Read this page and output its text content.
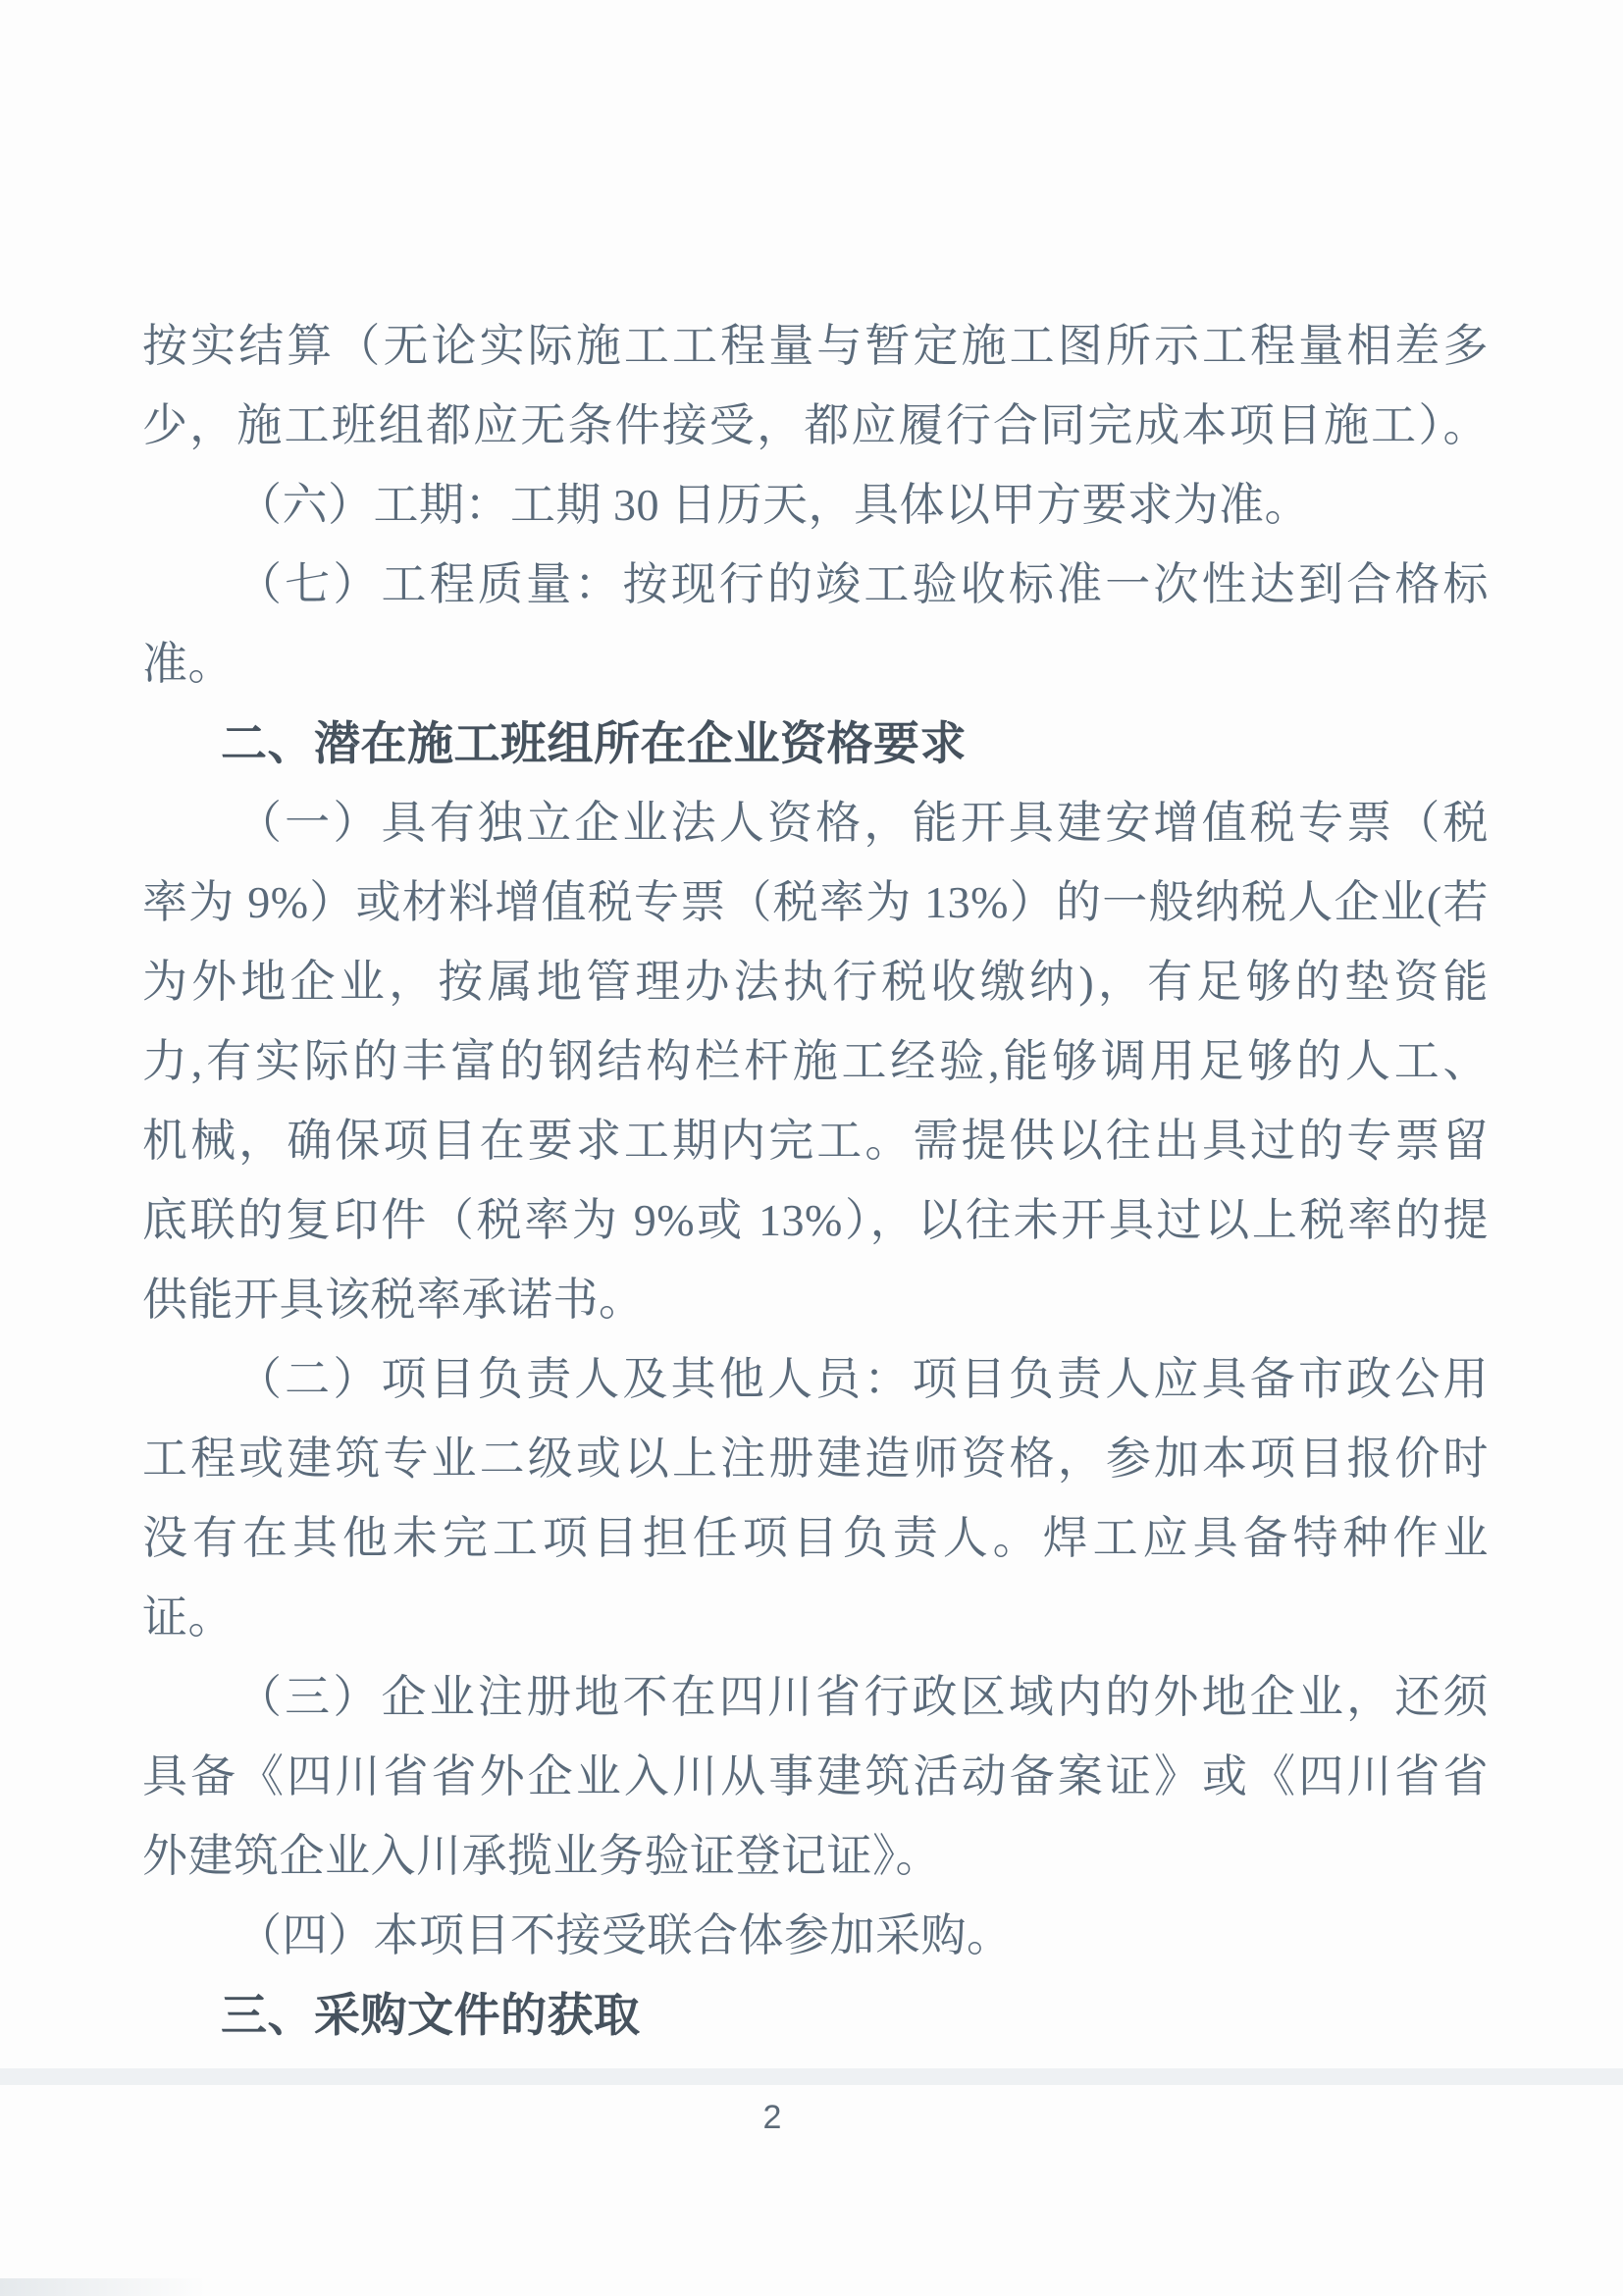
按实结算（无论实际施工工程量与暂定施工图所示工程量相差多
少，施工班组都应无条件接受，都应履行合同完成本项目施工）。
（六）工期：工期 30 日历天，具体以甲方要求为准。
（七）工程质量：按现行的竣工验收标准一次性达到合格标
准。
二、潜在施工班组所在企业资格要求
（一）具有独立企业法人资格，能开具建安增值税专票（税
率为 9%）或材料增值税专票（税率为 13%）的一般纳税人企业(若
为外地企业，按属地管理办法执行税收缴纳)，有足够的垫资能
力,有实际的丰富的钢结构栏杆施工经验,能够调用足够的人工、
机械，确保项目在要求工期内完工。需提供以往出具过的专票留
底联的复印件（税率为 9%或 13%），以往未开具过以上税率的提
供能开具该税率承诺书。
（二）项目负责人及其他人员：项目负责人应具备市政公用
工程或建筑专业二级或以上注册建造师资格，参加本项目报价时
没有在其他未完工项目担任项目负责人。焊工应具备特种作业
证。
（三）企业注册地不在四川省行政区域内的外地企业，还须
具备《四川省省外企业入川从事建筑活动备案证》或《四川省省
外建筑企业入川承揽业务验证登记证》。
（四）本项目不接受联合体参加采购。
三、采购文件的获取
2
